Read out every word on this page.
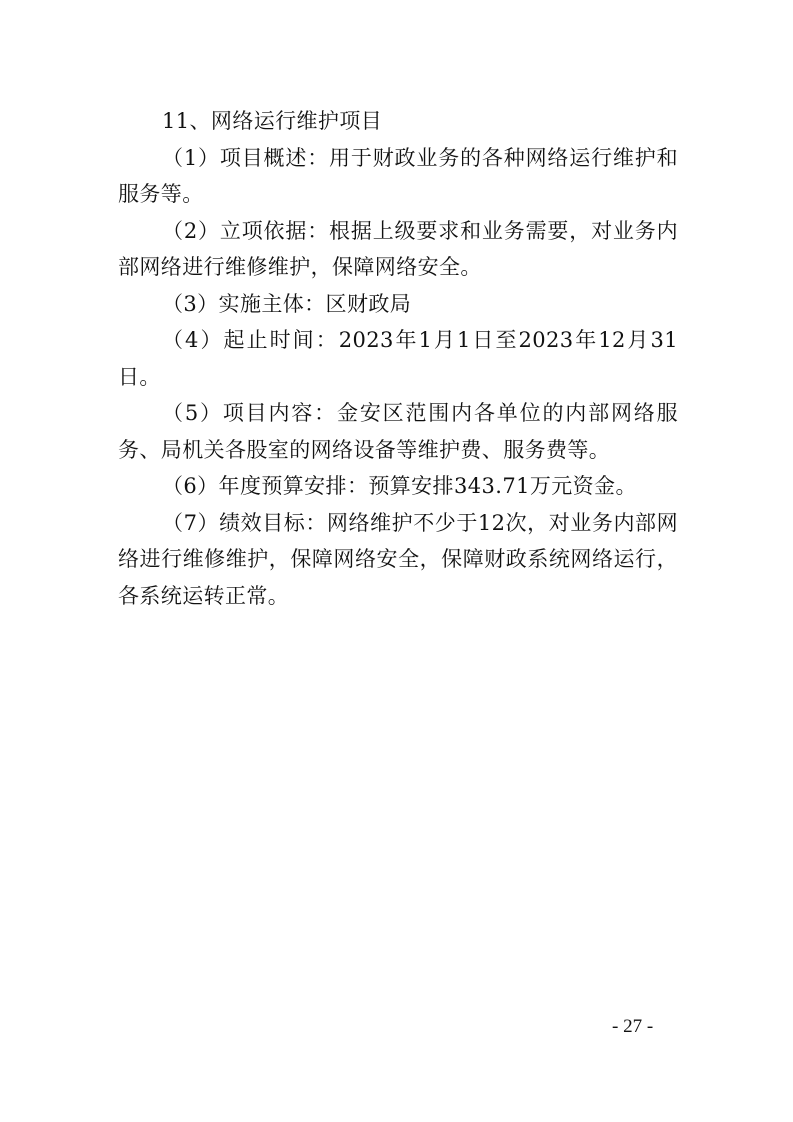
11、网络运行维护项目

（1）项目概述：用于财政业务的各种网络运行维护和服务等。

（2）立项依据：根据上级要求和业务需要，对业务内部网络进行维修维护，保障网络安全。

（3）实施主体：区财政局

（4）起止时间：2023年1月1日至2023年12月31日。

（5）项目内容：金安区范围内各单位的内部网络服务、局机关各股室的网络设备等维护费、服务费等。

（6）年度预算安排：预算安排343.71万元资金。

（7）绩效目标：网络维护不少于12次，对业务内部网络进行维修维护，保障网络安全，保障财政系统网络运行，各系统运转正常。

- 27 -
